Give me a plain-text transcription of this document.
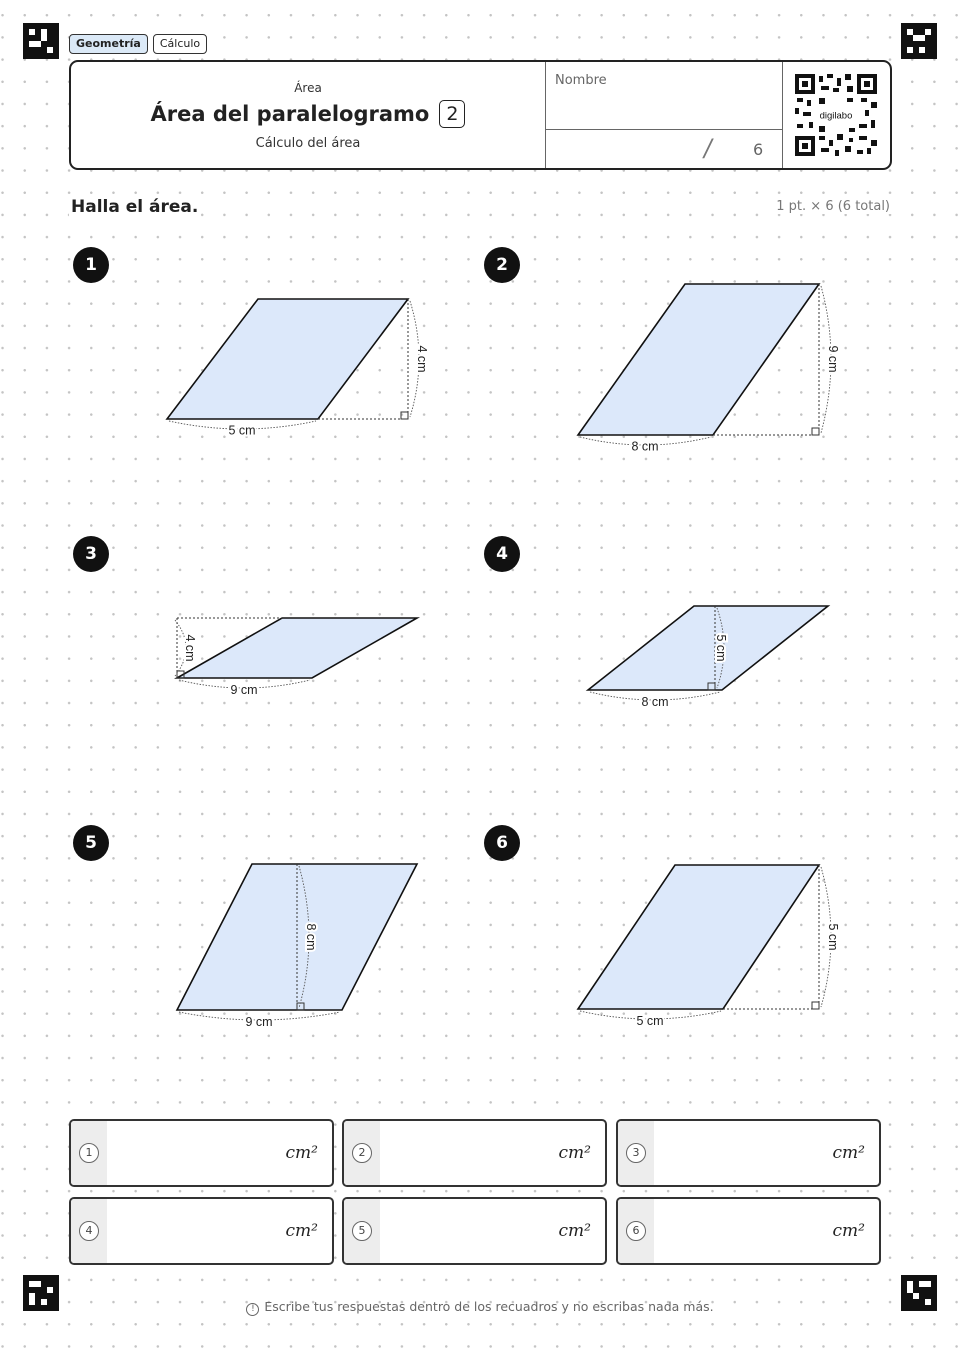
Geometría	Cálculo
Área
Área del paralelogramo 2
Cálculo del área
Nombre
/ 6
digilabo
Halla el área.	1 pt. × 6 (6 total)
1	2
3	4
5	6
5 cm
4 cm
8 cm
9 cm
9 cm
4 cm
8 cm
5 cm
9 cm
8 cm
5 cm
5 cm
1	cm²	2	cm²	3	cm²
4	cm²	5	cm²	6	cm²
! Escribe tus respuestas dentro de los recuadros y no escribas nada más.
